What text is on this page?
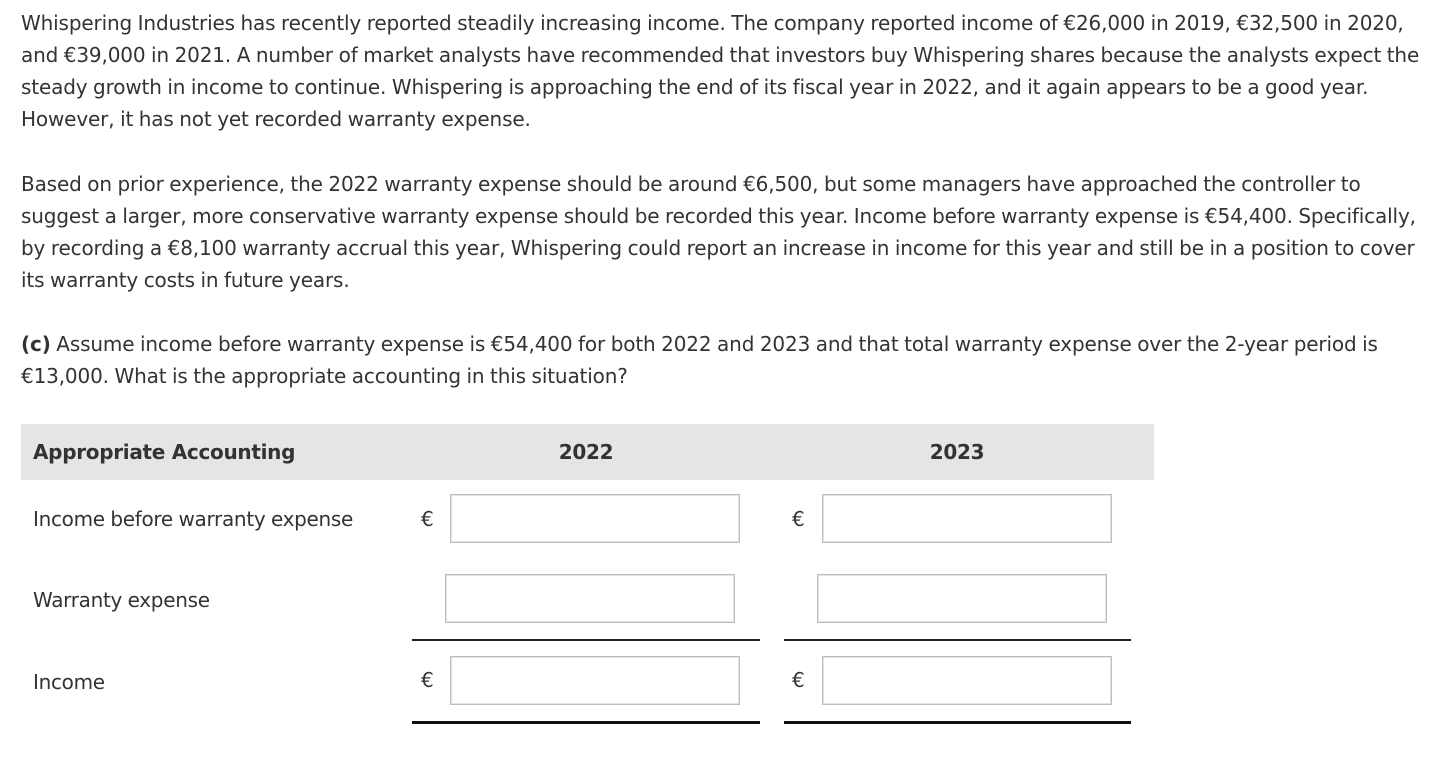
Whispering Industries has recently reported steadily increasing income. The company reported income of €26,000 in 2019, €32,500 in 2020, and €39,000 in 2021. A number of market analysts have recommended that investors buy Whispering shares because the analysts expect the steady growth in income to continue. Whispering is approaching the end of its fiscal year in 2022, and it again appears to be a good year. However, it has not yet recorded warranty expense.

Based on prior experience, the 2022 warranty expense should be around €6,500, but some managers have approached the controller to suggest a larger, more conservative warranty expense should be recorded this year. Income before warranty expense is €54,400. Specifically, by recording a €8,100 warranty accrual this year, Whispering could report an increase in income for this year and still be in a position to cover its warranty costs in future years.

(c) Assume income before warranty expense is €54,400 for both 2022 and 2023 and that total warranty expense over the 2-year period is €13,000. What is the appropriate accounting in this situation?

Appropriate Accounting	2022	2023
Income before warranty expense	€	€
Warranty expense
Income	€	€
